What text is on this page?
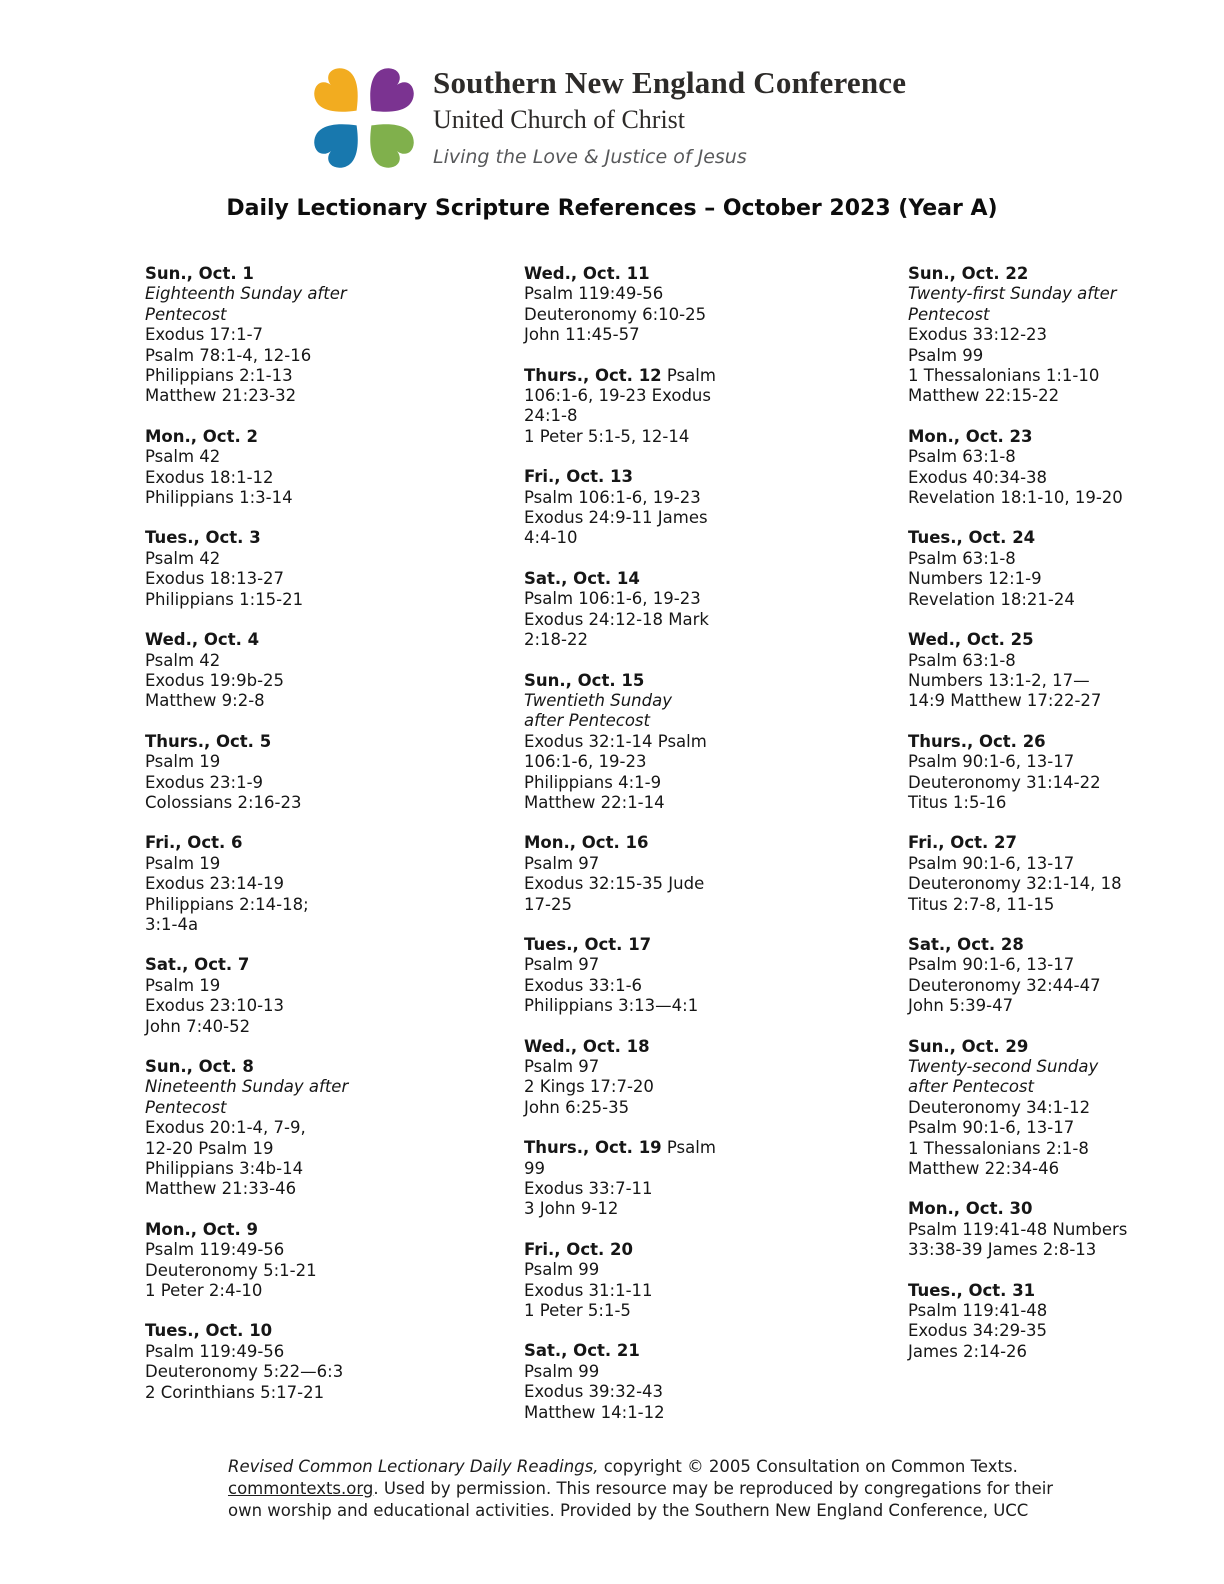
Southern New England Conference
United Church of Christ
Living the Love & Justice of Jesus
Daily Lectionary Scripture References – October 2023 (Year A)
Sun., Oct. 1
Eighteenth Sunday after
Pentecost
Exodus 17:1-7
Psalm 78:1-4, 12-16
Philippians 2:1-13
Matthew 21:23-32
Mon., Oct. 2
Psalm 42
Exodus 18:1-12
Philippians 1:3-14
Tues., Oct. 3
Psalm 42
Exodus 18:13-27
Philippians 1:15-21
Wed., Oct. 4
Psalm 42
Exodus 19:9b-25
Matthew 9:2-8
Thurs., Oct. 5
Psalm 19
Exodus 23:1-9
Colossians 2:16-23
Fri., Oct. 6
Psalm 19
Exodus 23:14-19
Philippians 2:14-18;
3:1-4a
Sat., Oct. 7
Psalm 19
Exodus 23:10-13
John 7:40-52
Sun., Oct. 8
Nineteenth Sunday after
Pentecost
Exodus 20:1-4, 7-9,
12-20 Psalm 19
Philippians 3:4b-14
Matthew 21:33-46
Mon., Oct. 9
Psalm 119:49-56
Deuteronomy 5:1-21
1 Peter 2:4-10
Tues., Oct. 10
Psalm 119:49-56
Deuteronomy 5:22—6:3
2 Corinthians 5:17-21
Wed., Oct. 11
Psalm 119:49-56
Deuteronomy 6:10-25
John 11:45-57
Thurs., Oct. 12 Psalm
106:1-6, 19-23 Exodus
24:1-8
1 Peter 5:1-5, 12-14
Fri., Oct. 13
Psalm 106:1-6, 19-23
Exodus 24:9-11 James
4:4-10
Sat., Oct. 14
Psalm 106:1-6, 19-23
Exodus 24:12-18 Mark
2:18-22
Sun., Oct. 15
Twentieth Sunday
after Pentecost
Exodus 32:1-14 Psalm
106:1-6, 19-23
Philippians 4:1-9
Matthew 22:1-14
Mon., Oct. 16
Psalm 97
Exodus 32:15-35 Jude
17-25
Tues., Oct. 17
Psalm 97
Exodus 33:1-6
Philippians 3:13—4:1
Wed., Oct. 18
Psalm 97
2 Kings 17:7-20
John 6:25-35
Thurs., Oct. 19 Psalm
99
Exodus 33:7-11
3 John 9-12
Fri., Oct. 20
Psalm 99
Exodus 31:1-11
1 Peter 5:1-5
Sat., Oct. 21
Psalm 99
Exodus 39:32-43
Matthew 14:1-12
Sun., Oct. 22
Twenty-first Sunday after
Pentecost
Exodus 33:12-23
Psalm 99
1 Thessalonians 1:1-10
Matthew 22:15-22
Mon., Oct. 23
Psalm 63:1-8
Exodus 40:34-38
Revelation 18:1-10, 19-20
Tues., Oct. 24
Psalm 63:1-8
Numbers 12:1-9
Revelation 18:21-24
Wed., Oct. 25
Psalm 63:1-8
Numbers 13:1-2, 17—
14:9 Matthew 17:22-27
Thurs., Oct. 26
Psalm 90:1-6, 13-17
Deuteronomy 31:14-22
Titus 1:5-16
Fri., Oct. 27
Psalm 90:1-6, 13-17
Deuteronomy 32:1-14, 18
Titus 2:7-8, 11-15
Sat., Oct. 28
Psalm 90:1-6, 13-17
Deuteronomy 32:44-47
John 5:39-47
Sun., Oct. 29
Twenty-second Sunday
after Pentecost
Deuteronomy 34:1-12
Psalm 90:1-6, 13-17
1 Thessalonians 2:1-8
Matthew 22:34-46
Mon., Oct. 30
Psalm 119:41-48 Numbers
33:38-39 James 2:8-13
Tues., Oct. 31
Psalm 119:41-48
Exodus 34:29-35
James 2:14-26
Revised Common Lectionary Daily Readings, copyright © 2005 Consultation on Common Texts.
commontexts.org. Used by permission. This resource may be reproduced by congregations for their
own worship and educational activities. Provided by the Southern New England Conference, UCC
